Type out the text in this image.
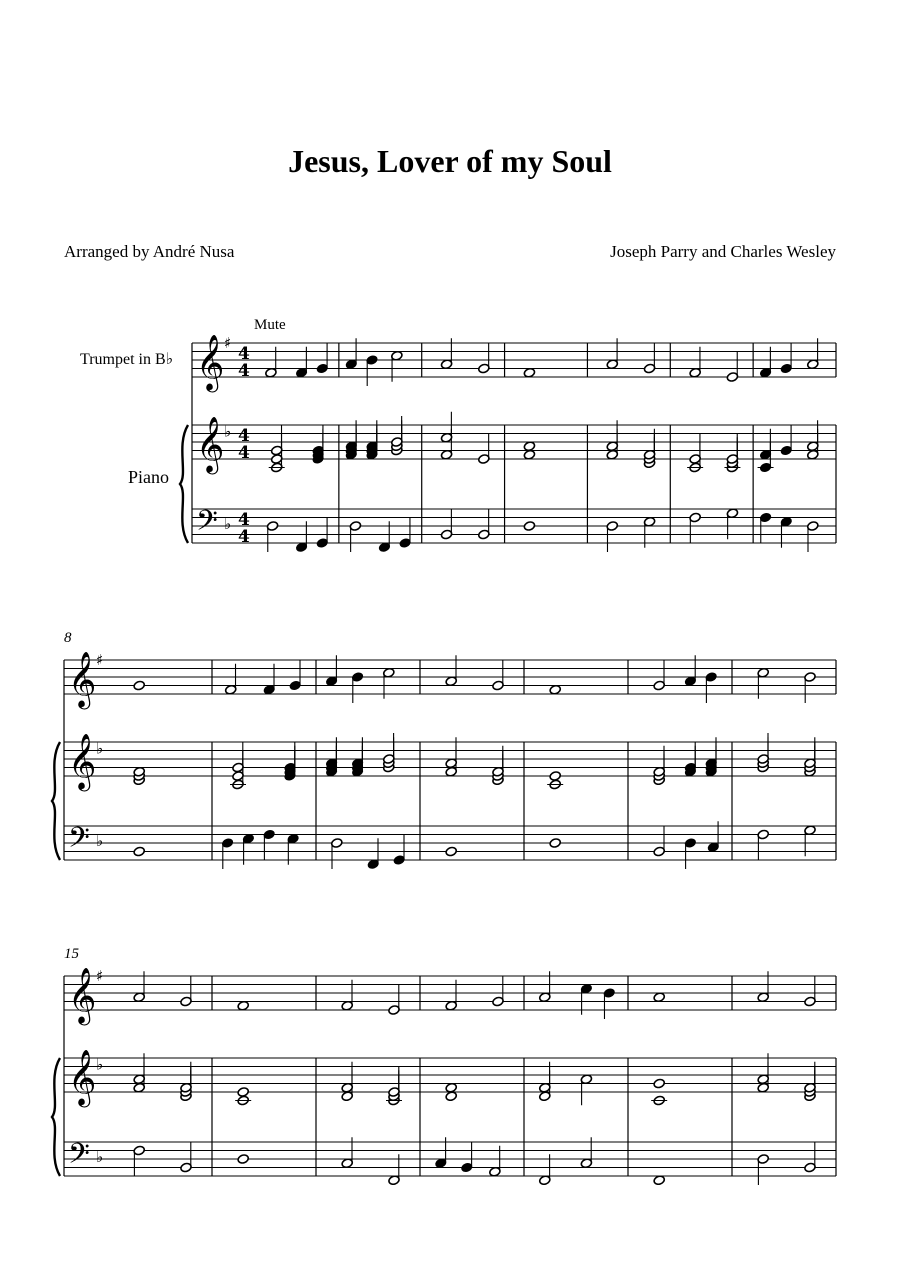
Jesus, Lover of my Soul
Arranged by André Nusa	Joseph Parry and Charles Wesley
Trumpet in B♭
Piano
Mute
8
15
𝄞
𝄞
𝄢
♯
♭
♭
4
4
4
4
4
4
𝄞
𝄞
𝄢
♯
♭
♭
𝄞
𝄞
𝄢
♯
♭
♭
